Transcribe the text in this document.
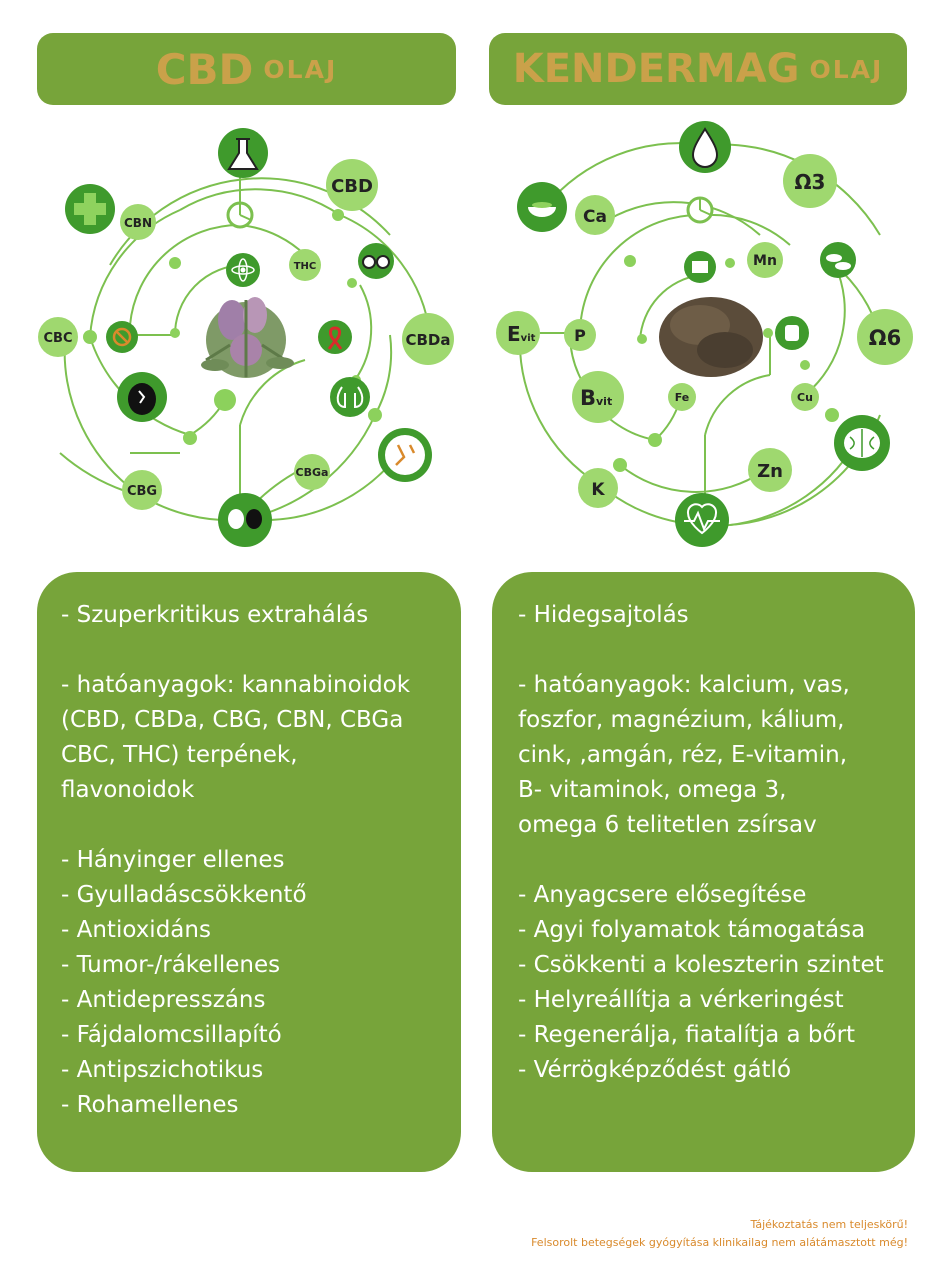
CBD OLAJ	KENDERMAG OLAJ
CBD
CBN
THC
CBDa
CBC
CBG
CBGa
Ca
Ω3
Mn
Ω6
Evit P
Bvit	Fe	Cu
Zn
K
- Szuperkritikus extrahálás
- hatóanyagok: kannabinoidok
(CBD, CBDa, CBG, CBN, CBGa
CBC, THC) terpének,
flavonoidok
- Hányinger ellenes
- Gyulladáscsökkentő
- Antioxidáns
- Tumor-/rákellenes
- Antidepresszáns
- Fájdalomcsillapító
- Antipszichotikus
- Rohamellenes
- Hidegsajtolás
- hatóanyagok: kalcium, vas,
foszfor, magnézium, kálium,
cink, ,amgán, réz, E-vitamin,
B- vitaminok, omega 3,
omega 6 telitetlen zsírsav
- Anyagcsere elősegítése
- Agyi folyamatok támogatása
- Csökkenti a koleszterin szintet
- Helyreállítja a vérkeringést
- Regenerálja, fiatalítja a bőrt
- Vérrögképződést gátló
Tájékoztatás nem teljeskörű!
Felsorolt betegségek gyógyítása klinikailag nem alátámasztott még!
